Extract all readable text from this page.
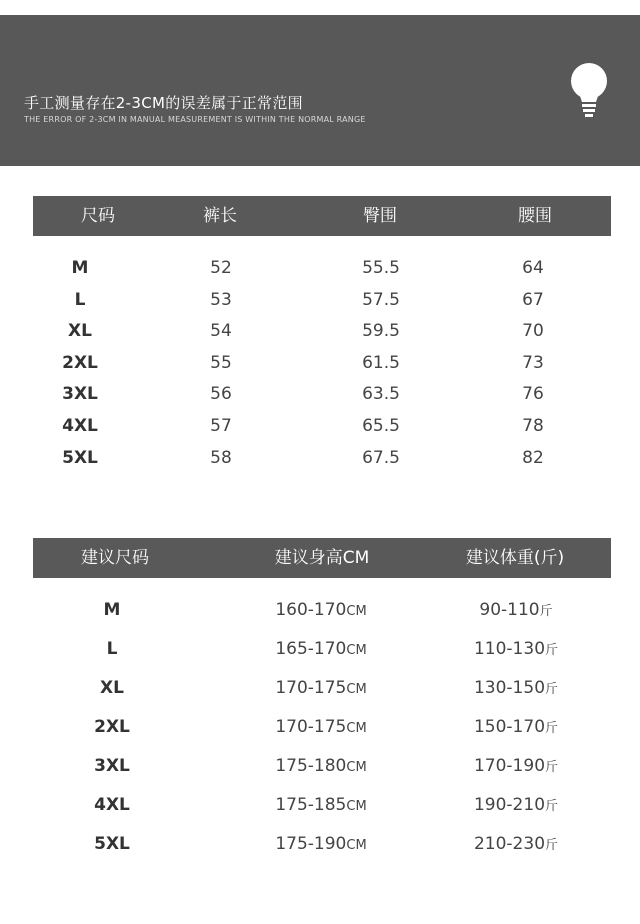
手工测量存在2-3CM的误差属于正常范围
THE ERROR OF 2-3CM IN MANUAL MEASUREMENT IS WITHIN THE NORMAL RANGE
尺码	裤长	臀围	腰围
M	52	55.5	64
L	53	57.5	67
XL	54	59.5	70
2XL	55	61.5	73
3XL	56	63.5	76
4XL	57	65.5	78
5XL	58	67.5	82
建议尺码	建议身高CM	建议体重(斤)
M	160-170CM	90-110斤
L	165-170CM	110-130斤
XL	170-175CM	130-150斤
2XL	170-175CM	150-170斤
3XL	175-180CM	170-190斤
4XL	175-185CM	190-210斤
5XL	175-190CM	210-230斤
